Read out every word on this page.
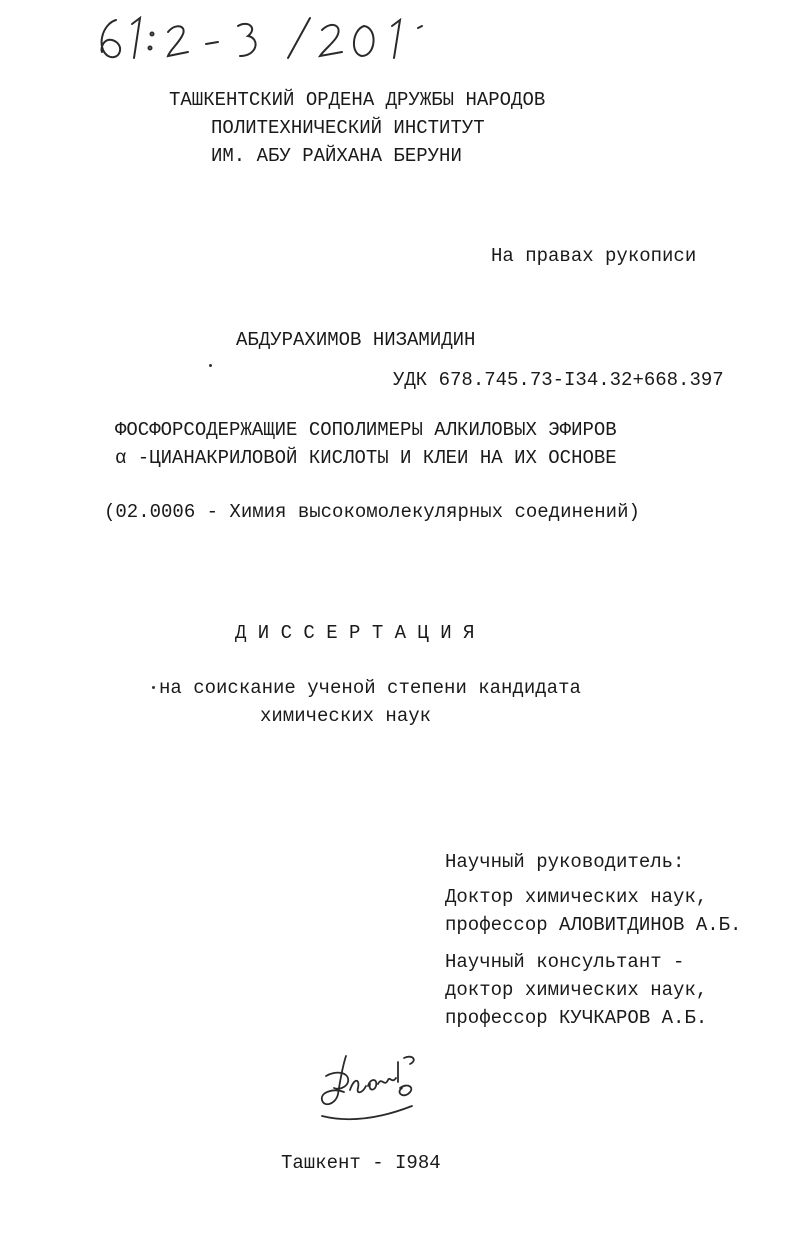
ТАШКЕНТСКИЙ ОРДЕНА ДРУЖБЫ НАРОДОВ
ПОЛИТЕХНИЧЕСКИЙ ИНСТИТУТ
ИМ. АБУ РАЙХАНА БЕРУНИ
На правах рукописи
АБДУРАХИМОВ НИЗАМИДИН
УДК 678.745.73-I34.32+668.397
ФОСФОРСОДЕРЖАЩИЕ СОПОЛИМЕРЫ АЛКИЛОВЫХ ЭФИРОВ
α -ЦИАНАКРИЛОВОЙ КИСЛОТЫ И КЛЕИ НА ИХ ОСНОВЕ
(02.0006 - Химия высокомолекулярных соединений)
Д И С С Е Р Т А Ц И Я
на соискание ученой степени кандидата
химических наук
Научный руководитель:
Доктор химических наук,
профессор АЛОВИТДИНОВ А.Б.
Научный консультант -
доктор химических наук,
профессор КУЧКАРОВ А.Б.
Ташкент - I984
